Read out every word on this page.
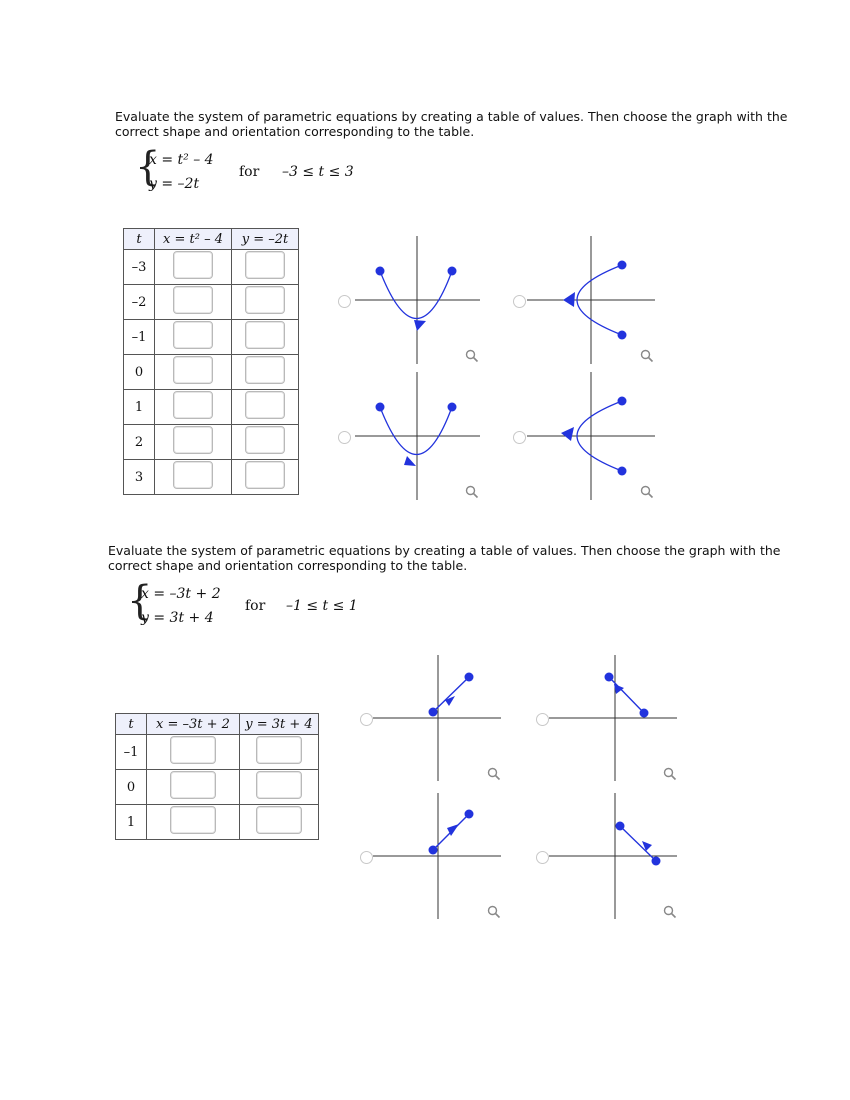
Evaluate the system of parametric equations by creating a table of values. Then choose the graph with the
correct shape and orientation corresponding to the table.
{
x = t² – 4
y = –2t
for –3 ≤ t ≤ 3
t	x = t² – 4	y = –2t
–3		
–2		
–1		
0		
1		
2		
3		
Evaluate the system of parametric equations by creating a table of values. Then choose the graph with the
correct shape and orientation corresponding to the table.
{
x = –3t + 2
y = 3t + 4
for –1 ≤ t ≤ 1
t	x = –3t + 2	y = 3t + 4
–1		
0		
1		
